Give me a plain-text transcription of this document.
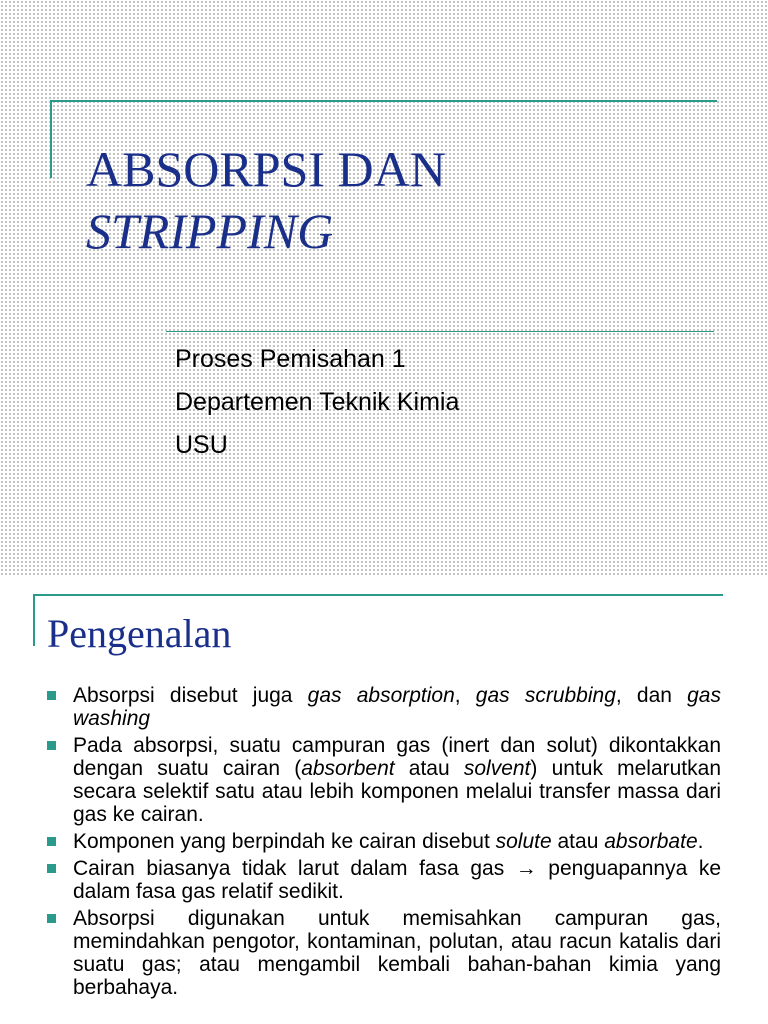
ABSORPSI DAN
STRIPPING
Proses Pemisahan 1
Departemen Teknik Kimia
USU
Pengenalan
Absorpsi disebut juga gas absorption, gas scrubbing, dan gas washing
Pada absorpsi, suatu campuran gas (inert dan solut) dikontakkan dengan suatu cairan (absorbent atau solvent) untuk melarutkan secara selektif satu atau lebih komponen melalui transfer massa dari gas ke cairan.
Komponen yang berpindah ke cairan disebut solute atau absorbate.
Cairan biasanya tidak larut dalam fasa gas → penguapannya ke dalam fasa gas relatif sedikit.
Absorpsi digunakan untuk memisahkan campuran gas, memindahkan pengotor, kontaminan, polutan, atau racun katalis dari suatu gas; atau mengambil kembali bahan-bahan kimia yang berbahaya.
